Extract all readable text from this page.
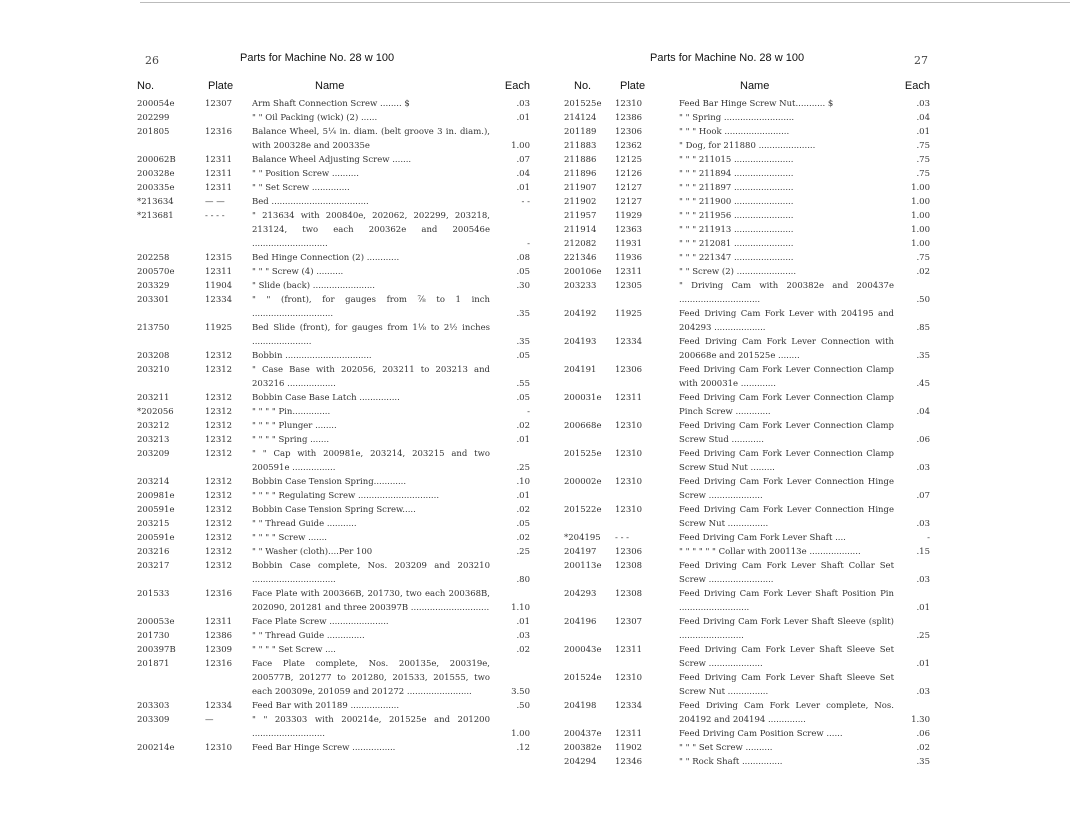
26	Parts for Machine No. 28 w 100
No.	Plate	Name	Each
200054e	12307 Arm Shaft Connection Screw ........ $	.03
202299	" " Oil Packing (wick) (2) ......	.01
201805	12316 Balance Wheel, 5¼ in. diam. (belt groove 3 in. diam.), with 200328e and 200335e	1.00
200062B	12311 Balance Wheel Adjusting Screw .......	.07
200328e	12311 " " Position Screw ..........	.04
200335e	12311 " " Set Screw ..............	.01
*213634	— —	Bed ....................................	- -
*213681	- - - -	" 213634 with 200840e, 202062, 202299, 203218, 213124, two each 200362e and 200546e ............................	-
202258	12315 Bed Hinge Connection (2) ............	.08
200570e	12311 " " " Screw (4) ..........	.05
203329	11904 " Slide (back) .......................	.30
203301	12334 " " (front), for gauges from ⅞ to 1 inch ..............................	.35
213750	11925 Bed Slide (front), for gauges from 1⅛ to 2½ inches ......................	.35
203208	12312 Bobbin ................................	.05
203210	12312 " Case Base with 202056, 203211 to 203213 and 203216 ..................	.55
203211	12312 Bobbin Case Base Latch ...............	.05
*202056	12312 " " " " Pin..............	-
203212	12312 " " " " Plunger ........	.02
203213	12312 " " " " Spring .......	.01
203209	12312 " " Cap with 200981e, 203214, 203215 and two 200591e ................	.25
203214	12312 Bobbin Case Tension Spring............	.10
200981e	12312 " " " " Regulating Screw ..............................	.01
200591e	12312 Bobbin Case Tension Spring Screw.....	.02
203215	12312 " " Thread Guide ...........	.05
200591e	12312 " " " " Screw .......	.02
203216	12312 " " Washer (cloth)....Per 100	.25
203217	12312 Bobbin Case complete, Nos. 203209 and 203210 ...............................	.80
201533	12316 Face Plate with 200366B, 201730, two each 200368B, 202090, 201281 and three 200397B .............................	1.10
200053e	12311 Face Plate Screw ......................	.01
201730	12386 " " Thread Guide ..............	.03
200397B	12309 " " " " Set Screw ....	.02
201871	12316 Face Plate complete, Nos. 200135e, 200319e, 200577B, 201277 to 201280, 201533, 201555, two each 200309e, 201059 and 201272 ........................	3.50
203303	12334 Feed Bar with 201189 ..................	.50
203309	—	" " 203303 with 200214e, 201525e and 201200 ...........................	1.00
200214e	12310 Feed Bar Hinge Screw ................	.12
27
Parts for Machine No. 28 w 100
No.	Plate	Name	Each
201525e 12310	Feed Bar Hinge Screw Nut........... $	.03
214124 12386	" " Spring ..........................	.04
201189 12306	" " " Hook ........................	.01
211883 12362	" Dog, for 211880 .....................	.75
211886 12125	" " " 211015 ......................	.75
211896 12126	" " " 211894 ......................	.75
211907 12127	" " " 211897 ......................	1.00
211902 12127	" " " 211900 ......................	1.00
211957 11929	" " " 211956 ......................	1.00
211914 12363	" " " 211913 ......................	1.00
212082 11931	" " " 212081 ......................	1.00
221346 11936	" " " 221347 ......................	.75
200106e 12311	" " Screw (2) ......................	.02
203233 12305	" Driving Cam with 200382e and 200437e ..............................	.50
204192 11925	Feed Driving Cam Fork Lever with 204195 and 204293 ...................	.85
204193 12334	Feed Driving Cam Fork Lever Connection with 200668e and 201525e ........	.35
204191 12306	Feed Driving Cam Fork Lever Connection Clamp with 200031e .............	.45
200031e 12311	Feed Driving Cam Fork Lever Connection Clamp Pinch Screw .............	.04
200668e 12310	Feed Driving Cam Fork Lever Connection Clamp Screw Stud ............	.06
201525e 12310	Feed Driving Cam Fork Lever Connection Clamp Screw Stud Nut .........	.03
200002e 12310	Feed Driving Cam Fork Lever Connection Hinge Screw ....................	.07
201522e 12310	Feed Driving Cam Fork Lever Connection Hinge Screw Nut ...............	.03
*204195 - - -	Feed Driving Cam Fork Lever Shaft ....	-
204197 12306	" " " " " " Collar with 200113e ...................	.15
200113e 12308	Feed Driving Cam Fork Lever Shaft Collar Set Screw ........................	.03
204293 12308	Feed Driving Cam Fork Lever Shaft Position Pin ..........................	.01
204196 12307	Feed Driving Cam Fork Lever Shaft Sleeve (split) ........................	.25
200043e 12311	Feed Driving Cam Fork Lever Shaft Sleeve Set Screw ....................	.01
201524e 12310	Feed Driving Cam Fork Lever Shaft Sleeve Set Screw Nut ...............	.03
204198 12334	Feed Driving Cam Fork Lever complete, Nos. 204192 and 204194 ..............	1.30
200437e 12311	Feed Driving Cam Position Screw ......	.06
200382e 11902	" " " Set Screw ..........	.02
204294 12346	" " Rock Shaft ...............	.35
